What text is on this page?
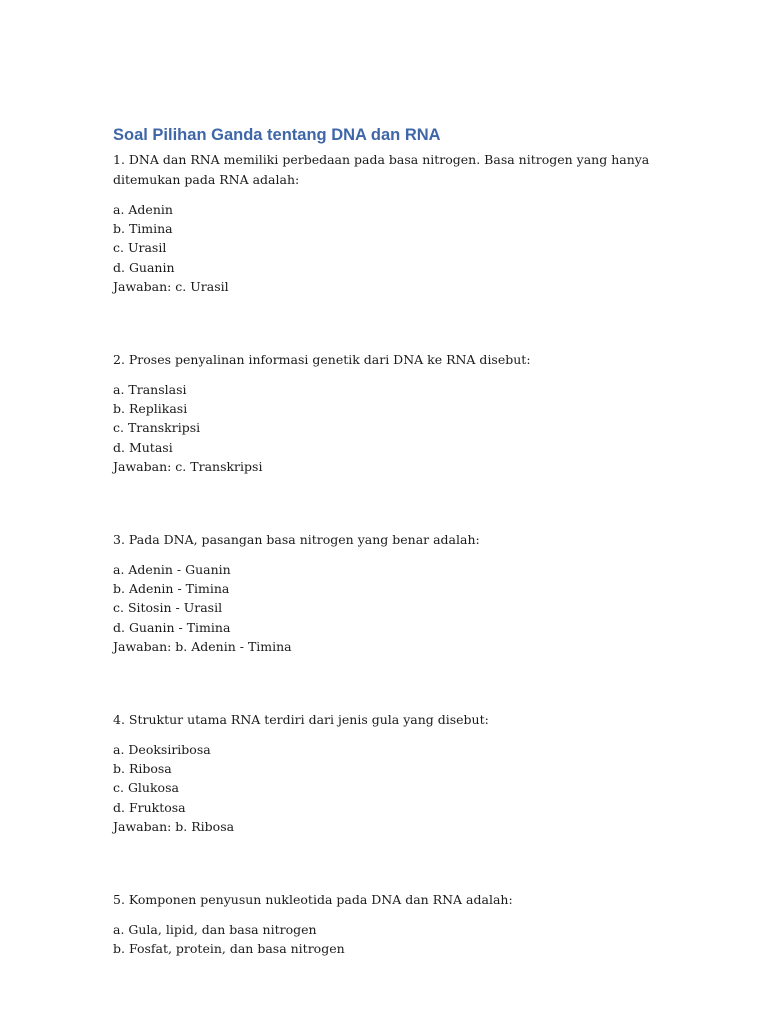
Soal Pilihan Ganda tentang DNA dan RNA

1. DNA dan RNA memiliki perbedaan pada basa nitrogen. Basa nitrogen yang hanya ditemukan pada RNA adalah:

a. Adenin
b. Timina
c. Urasil
d. Guanin
Jawaban: c. Urasil

2. Proses penyalinan informasi genetik dari DNA ke RNA disebut:

a. Translasi
b. Replikasi
c. Transkripsi
d. Mutasi
Jawaban: c. Transkripsi

3. Pada DNA, pasangan basa nitrogen yang benar adalah:

a. Adenin - Guanin
b. Adenin - Timina
c. Sitosin - Urasil
d. Guanin - Timina
Jawaban: b. Adenin - Timina

4. Struktur utama RNA terdiri dari jenis gula yang disebut:

a. Deoksiribosa
b. Ribosa
c. Glukosa
d. Fruktosa
Jawaban: b. Ribosa

5. Komponen penyusun nukleotida pada DNA dan RNA adalah:

a. Gula, lipid, dan basa nitrogen
b. Fosfat, protein, dan basa nitrogen
